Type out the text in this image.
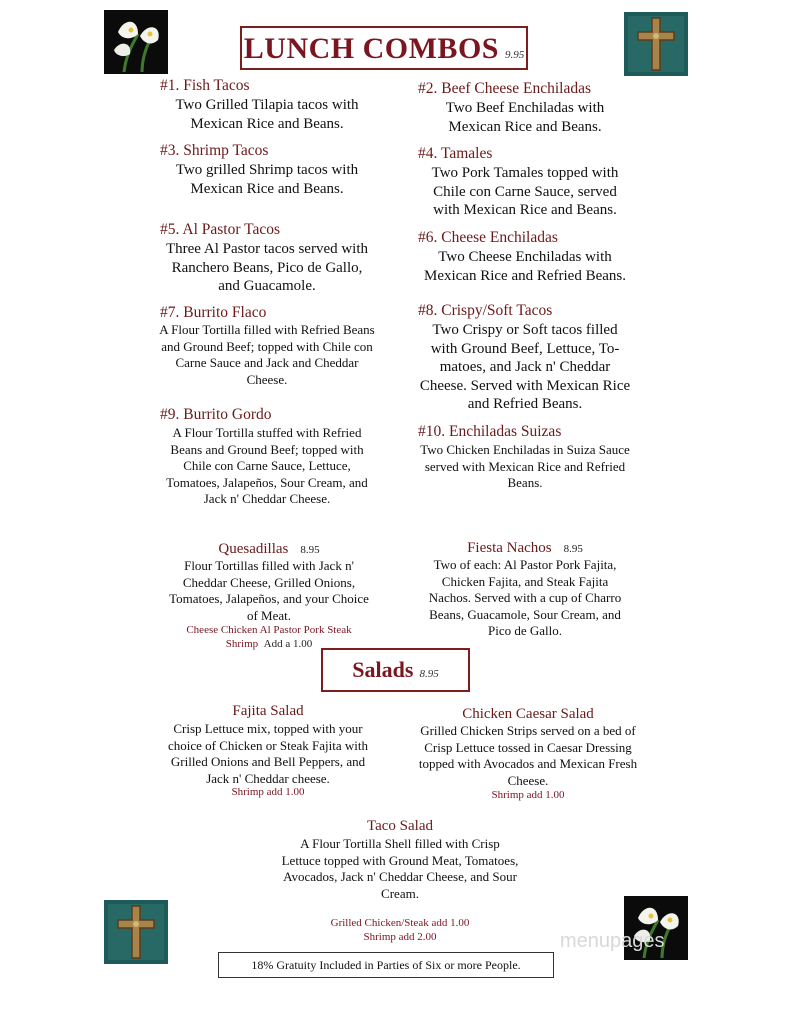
LUNCH COMBOS 9.95
#1. Fish Tacos
Two Grilled Tilapia tacos with Mexican Rice and Beans.
#3. Shrimp Tacos
Two grilled Shrimp tacos with Mexican Rice and Beans.
#5. Al Pastor Tacos
Three Al Pastor tacos served with Ranchero Beans, Pico de Gallo, and Guacamole.
#7. Burrito Flaco
A Flour Tortilla filled with Refried Beans and Ground Beef; topped with Chile con Carne Sauce and Jack and Cheddar Cheese.
#9. Burrito Gordo
A Flour Tortilla stuffed with Refried Beans and Ground Beef; topped with Chile con Carne Sauce, Lettuce, Tomatoes, Jalapeños, Sour Cream, and Jack n' Cheddar Cheese.
#2. Beef Cheese Enchiladas
Two Beef Enchiladas with Mexican Rice and Beans.
#4. Tamales
Two Pork Tamales topped with Chile con Carne Sauce, served with Mexican Rice and Beans.
#6. Cheese Enchiladas
Two Cheese Enchiladas with Mexican Rice and Refried Beans.
#8. Crispy/Soft Tacos
Two Crispy or Soft tacos filled with Ground Beef, Lettuce, To-matoes, and Jack n' Cheddar Cheese. Served with Mexican Rice and Refried Beans.
#10. Enchiladas Suizas
Two Chicken Enchiladas in Suiza Sauce served with Mexican Rice and Refried Beans.
Quesadillas 8.95
Flour Tortillas filled with Jack n' Cheddar Cheese, Grilled Onions, Tomatoes, Jalapeños, and your Choice of Meat.
Cheese Chicken Al Pastor Pork Steak
Shrimp Add a 1.00
Fiesta Nachos 8.95
Two of each: Al Pastor Pork Fajita, Chicken Fajita, and Steak Fajita Nachos. Served with a cup of Charro Beans, Guacamole, Sour Cream, and Pico de Gallo.
Salads 8.95
Fajita Salad
Crisp Lettuce mix, topped with your choice of Chicken or Steak Fajita with Grilled Onions and Bell Peppers, and Jack n' Cheddar cheese.
Shrimp add 1.00
Chicken Caesar Salad
Grilled Chicken Strips served on a bed of Crisp Lettuce tossed in Caesar Dressing topped with Avocados and Mexican Fresh Cheese.
Shrimp add 1.00
Taco Salad
A Flour Tortilla Shell filled with Crisp Lettuce topped with Ground Meat, Tomatoes, Avocados, Jack n' Cheddar Cheese, and Sour Cream.
Grilled Chicken/Steak add 1.00
Shrimp add 2.00
18% Gratuity Included in Parties of Six or more People.
menupages
